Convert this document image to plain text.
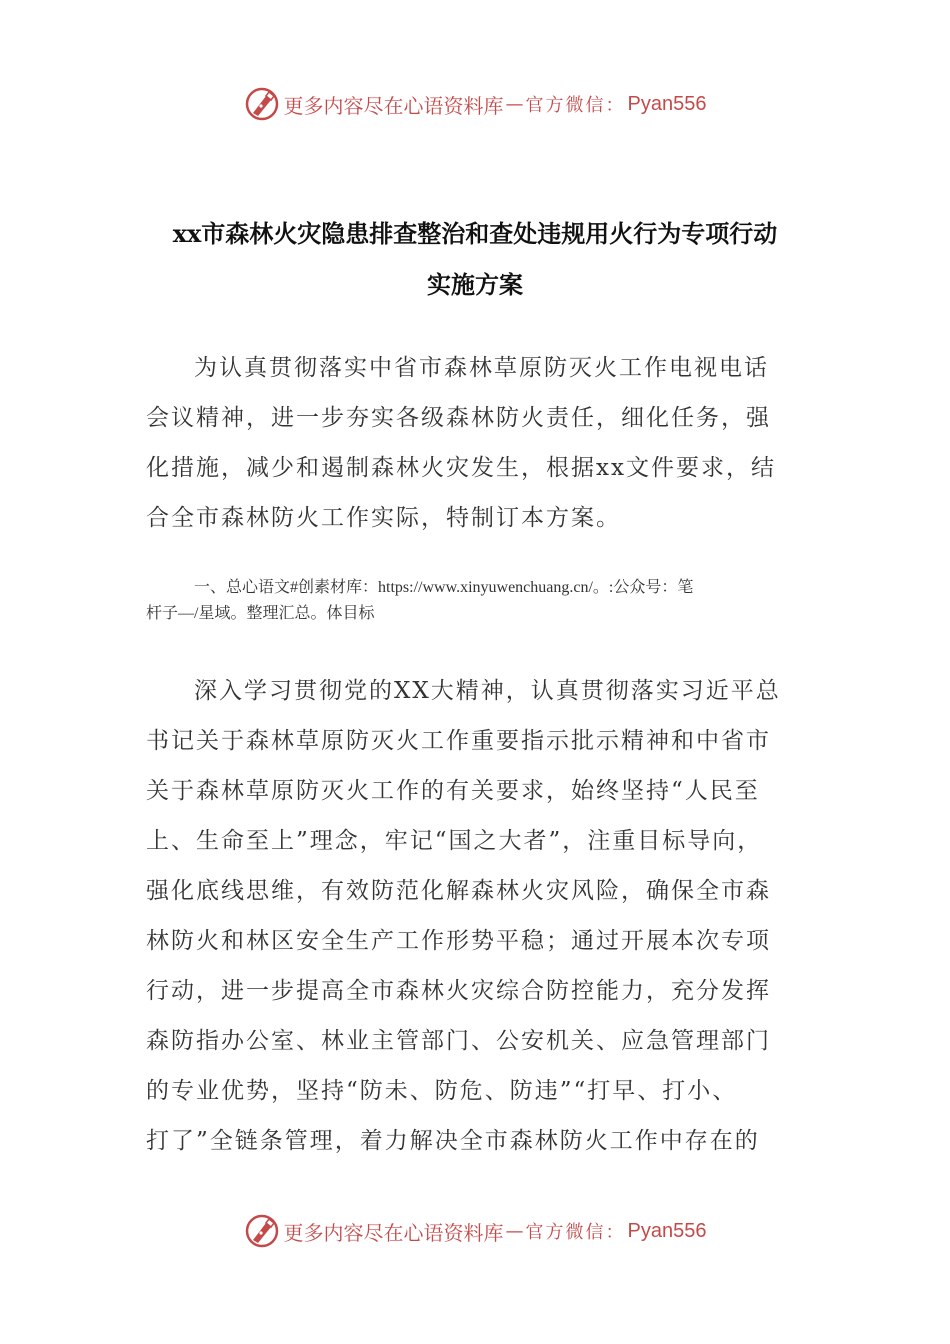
更多内容尽在心语资料库 — 官方微信： Pyan556
xx市森林火灾隐患排查整治和查处违规用火行为专项行动
实施方案
为认真贯彻落实中省市森林草原防灭火工作电视电话
会议精神，进一步夯实各级森林防火责任，细化任务，强
化措施，减少和遏制森林火灾发生，根据xx文件要求，结
合全市森林防火工作实际，特制订本方案。
一、总心语文#创素材库：https://www.xinyuwenchuang.cn/。:公众号：笔
杆子—/星域。整理汇总。体目标
深入学习贯彻党的XX大精神，认真贯彻落实习近平总
书记关于森林草原防灭火工作重要指示批示精神和中省市
关于森林草原防灭火工作的有关要求，始终坚持“人民至
上、生命至上”理念，牢记“国之大者”，注重目标导向，
强化底线思维，有效防范化解森林火灾风险，确保全市森
林防火和林区安全生产工作形势平稳；通过开展本次专项
行动，进一步提高全市森林火灾综合防控能力，充分发挥
森防指办公室、林业主管部门、公安机关、应急管理部门
的专业优势，坚持“防未、防危、防违”“打早、打小、
打了”全链条管理，着力解决全市森林防火工作中存在的
更多内容尽在心语资料库 — 官方微信： Pyan556
